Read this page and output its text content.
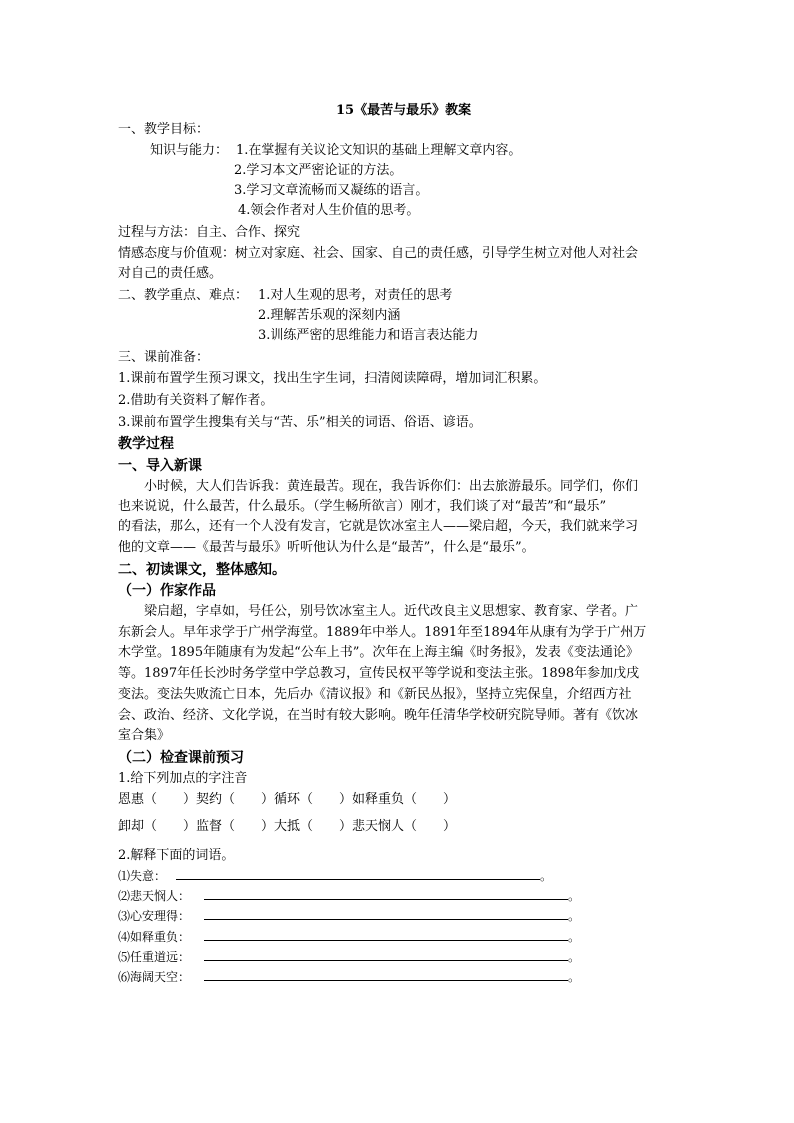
15《最苦与最乐》教案
一、教学目标：
知识与能力： 1.在掌握有关议论文知识的基础上理解文章内容。
2.学习本文严密论证的方法。
3.学习文章流畅而又凝练的语言。
4.领会作者对人生价值的思考。
过程与方法：自主、合作、探究
情感态度与价值观：树立对家庭、社会、国家、自己的责任感，引导学生树立对他人对社会
对自己的责任感。
二、教学重点、难点： 1.对人生观的思考，对责任的思考
2.理解苦乐观的深刻内涵
3.训练严密的思维能力和语言表达能力
三、课前准备：
1.课前布置学生预习课文，找出生字生词，扫清阅读障碍，增加词汇积累。
2.借助有关资料了解作者。
3.课前布置学生搜集有关与“苦、乐”相关的词语、俗语、谚语。
教学过程
一、导入新课
小时候，大人们告诉我：黄连最苦。现在，我告诉你们：出去旅游最乐。同学们，你们
也来说说，什么最苦，什么最乐。（学生畅所欲言）刚才，我们谈了对“最苦”和“最乐”
的看法，那么，还有一个人没有发言，它就是饮冰室主人——梁启超，今天，我们就来学习
他的文章——《最苦与最乐》听听他认为什么是“最苦”，什么是“最乐”。
二、初读课文，整体感知。
（一）作家作品
梁启超，字卓如，号任公，别号饮冰室主人。近代改良主义思想家、教育家、学者。广
东新会人。早年求学于广州学海堂。1889年中举人。1891年至1894年从康有为学于广州万
木学堂。1895年随康有为发起“公车上书”。次年在上海主编《时务报》，发表《变法通论》
等。1897年任长沙时务学堂中学总教习，宣传民权平等学说和变法主张。1898年参加戊戌
变法。变法失败流亡日本，先后办《清议报》和《新民丛报》，坚持立宪保皇，介绍西方社
会、政治、经济、文化学说，在当时有较大影响。晚年任清华学校研究院导师。著有《饮冰
室合集》
（二）检查课前预习
1.给下列加点的字注音
恩惠（　　）契约（　　）循环（　　）如释重负（　　）
卸却（　　）监督（　　）大抵（　　）悲天悯人（　　）
2.解释下面的词语。
⑴失意：	。
⑵悲天悯人：	。
⑶心安理得：	。
⑷如释重负：	。
⑸任重道远：	。
⑹海阔天空：	。
